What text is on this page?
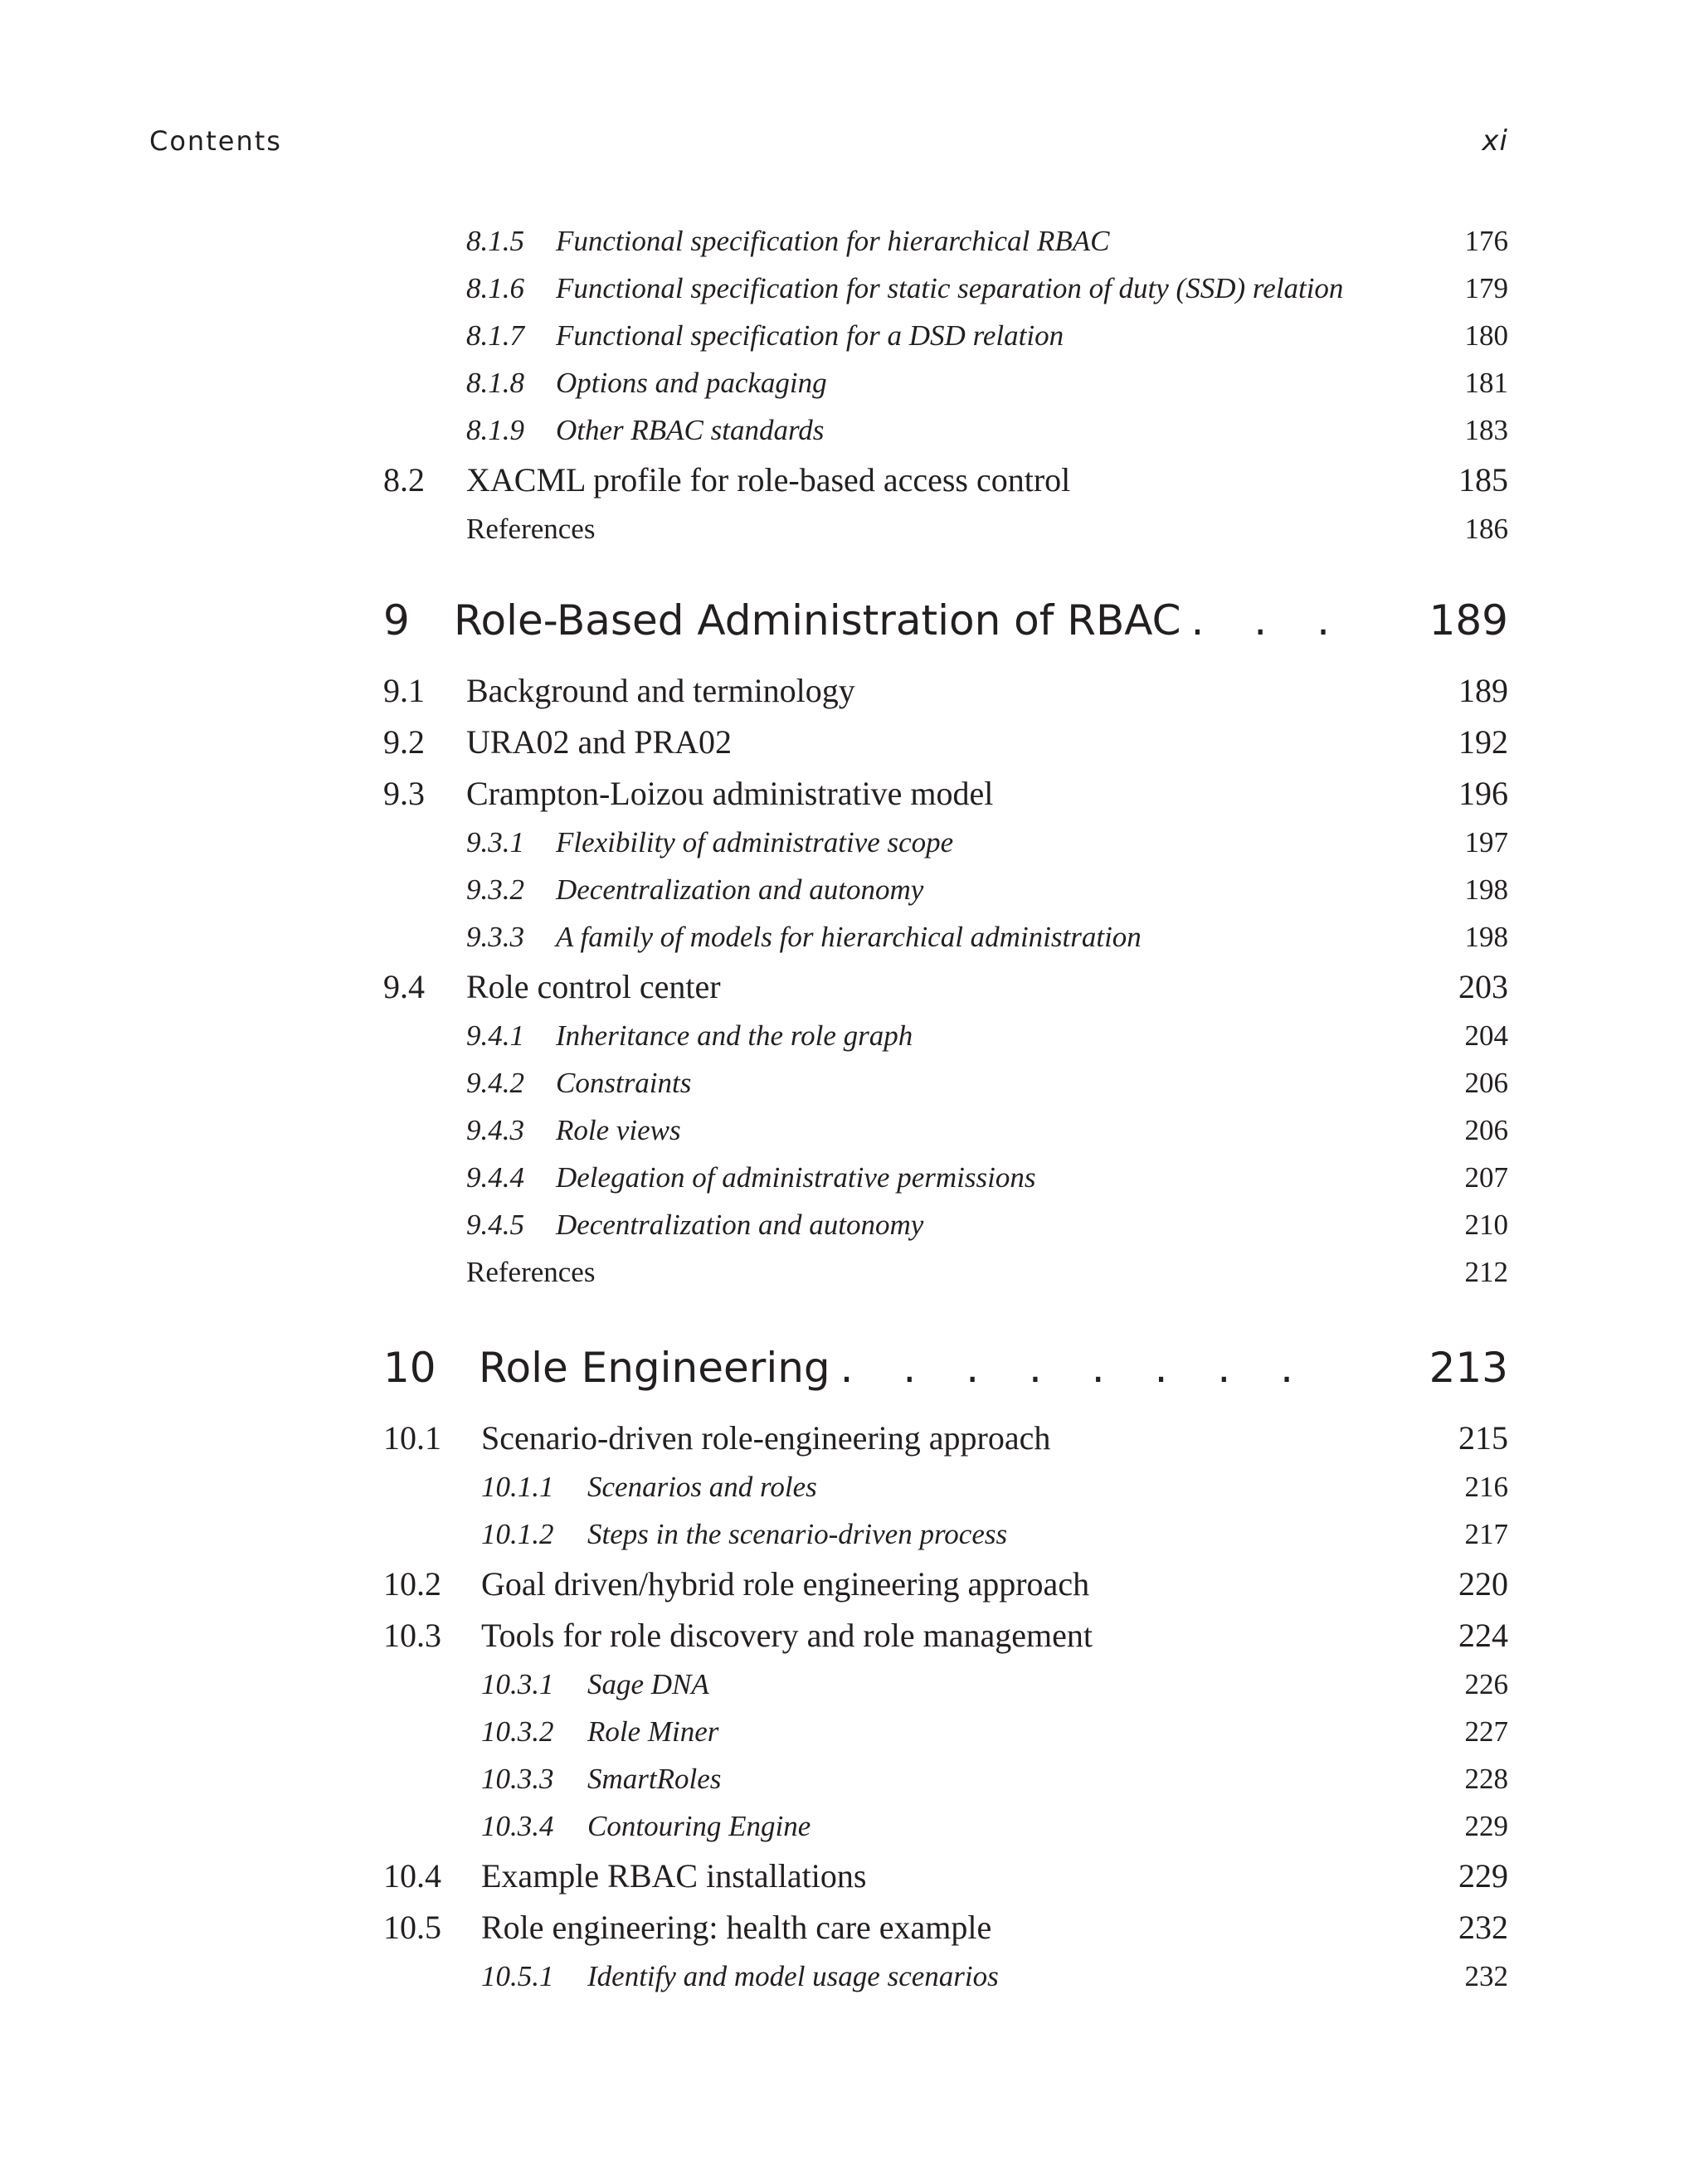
Contents	xi
8.1.5	Functional specification for hierarchical RBAC	176
8.1.6	Functional specification for static separation of duty (SSD) relation	179
8.1.7	Functional specification for a DSD relation	180
8.1.8	Options and packaging	181
8.1.9	Other RBAC standards	183
8.2	XACML profile for role-based access control	185
References	186
9	Role-Based Administration of RBAC . . . 189
9.1	Background and terminology	189
9.2	URA02 and PRA02	192
9.3	Crampton-Loizou administrative model	196
9.3.1	Flexibility of administrative scope	197
9.3.2	Decentralization and autonomy	198
9.3.3	A family of models for hierarchical administration	198
9.4	Role control center	203
9.4.1	Inheritance and the role graph	204
9.4.2	Constraints	206
9.4.3	Role views	206
9.4.4	Delegation of administrative permissions	207
9.4.5	Decentralization and autonomy	210
References	212
10	Role Engineering . . . . . . . .	213
10.1	Scenario-driven role-engineering approach	215
10.1.1	Scenarios and roles	216
10.1.2	Steps in the scenario-driven process	217
10.2	Goal driven/hybrid role engineering approach	220
10.3	Tools for role discovery and role management	224
10.3.1	Sage DNA	226
10.3.2	Role Miner	227
10.3.3	SmartRoles	228
10.3.4	Contouring Engine	229
10.4	Example RBAC installations	229
10.5	Role engineering: health care example	232
10.5.1	Identify and model usage scenarios	232
